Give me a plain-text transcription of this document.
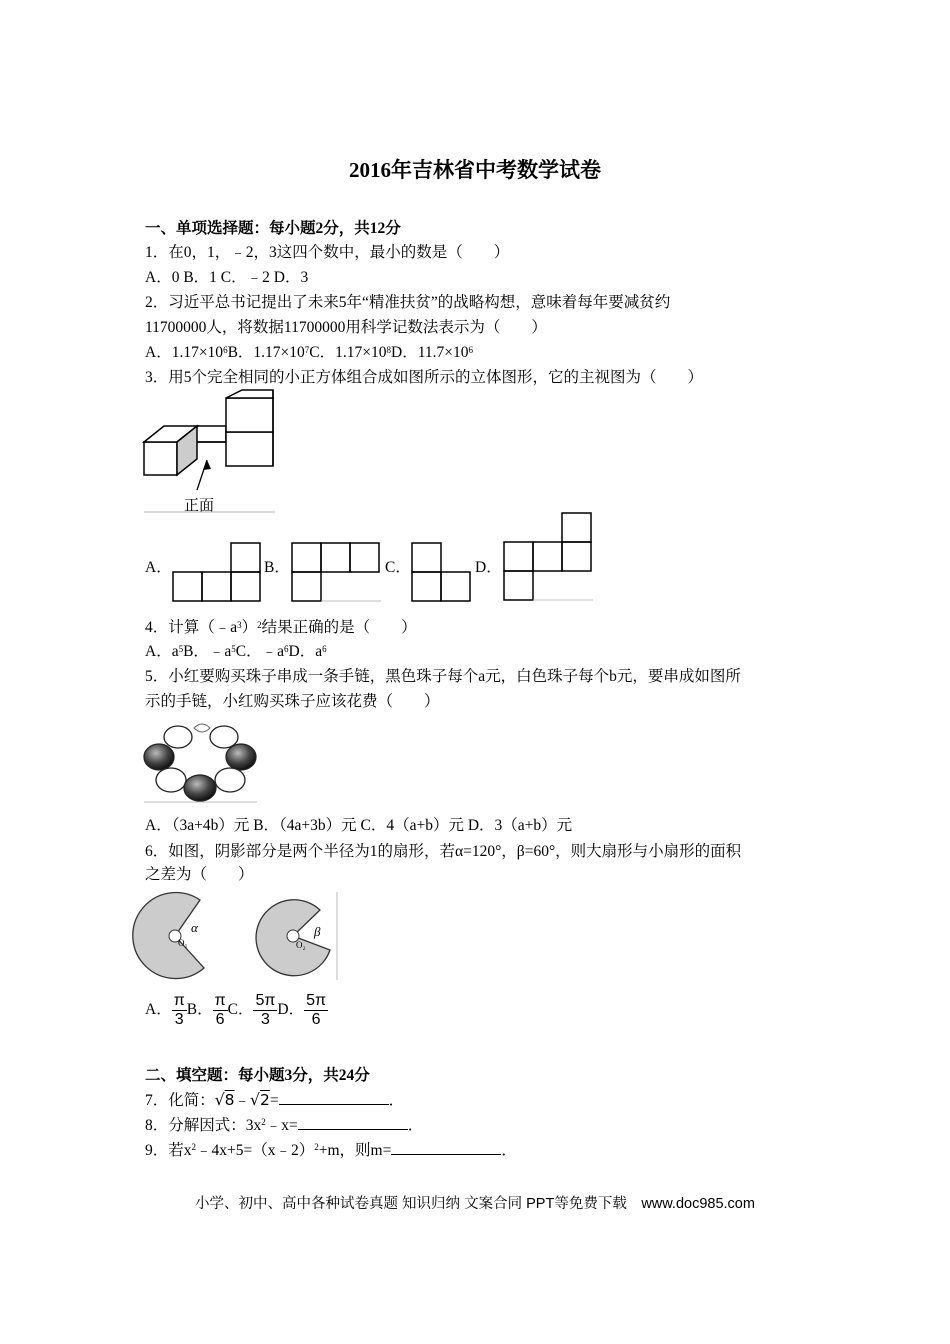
2016年吉林省中考数学试卷
一、单项选择题：每小题2分，共12分
1．在0，1，﹣2，3这四个数中，最小的数是（　　）
A．0 B．1 C．﹣2 D．3
2．习近平总书记提出了未来5年“精准扶贫”的战略构想，意味着每年要减贫约
11700000人，将数据11700000用科学记数法表示为（　　）
A．$1.17\times 10^6B$．$1.17\times 10^7C$．$1.17\times 10^8D$．$11.7\times 10^6$
3．用5个完全相同的小正方体组合成如图所示的立体图形，它的主视图为（　　）
正面
A．	B．	C．	D．
4．计算$(﹣a^3)^2$结果正确的是（　　）
A．$a^5B$．$﹣a^5C$．$﹣a^6D$．$a^6$
5．小红要购买珠子串成一条手链，黑色珠子每个a元，白色珠子每个b元，要串成如图所
示的手链，小红购买珠子应该花费（　　）
A．（3a+4b）元 B．（4a+3b）元 C．4（a+b）元 D．3（a+b）元
6．如图，阴影部分是两个半径为1的扇形，若α=120°，β=60°，则大扇形与小扇形的面积
之差为（　　）
α
O₁
β
O₂
A． $\frac{\pi}{3}$ B． $\frac{\pi}{6}$ C． $\frac{5\pi}{3}$ D． $\frac{5\pi}{6}$
二、填空题：每小题3分，共24分
7．化简：√8﹣√2=	．
8．分解因式：$3x^2﹣x=$	．
9．若$x^2﹣4x+5=(x﹣2)^2+m$，则m=	．
小学、初中、高中各种试卷真题 知识归纳 文案合同 PPT等免费下载　www.doc985.com
